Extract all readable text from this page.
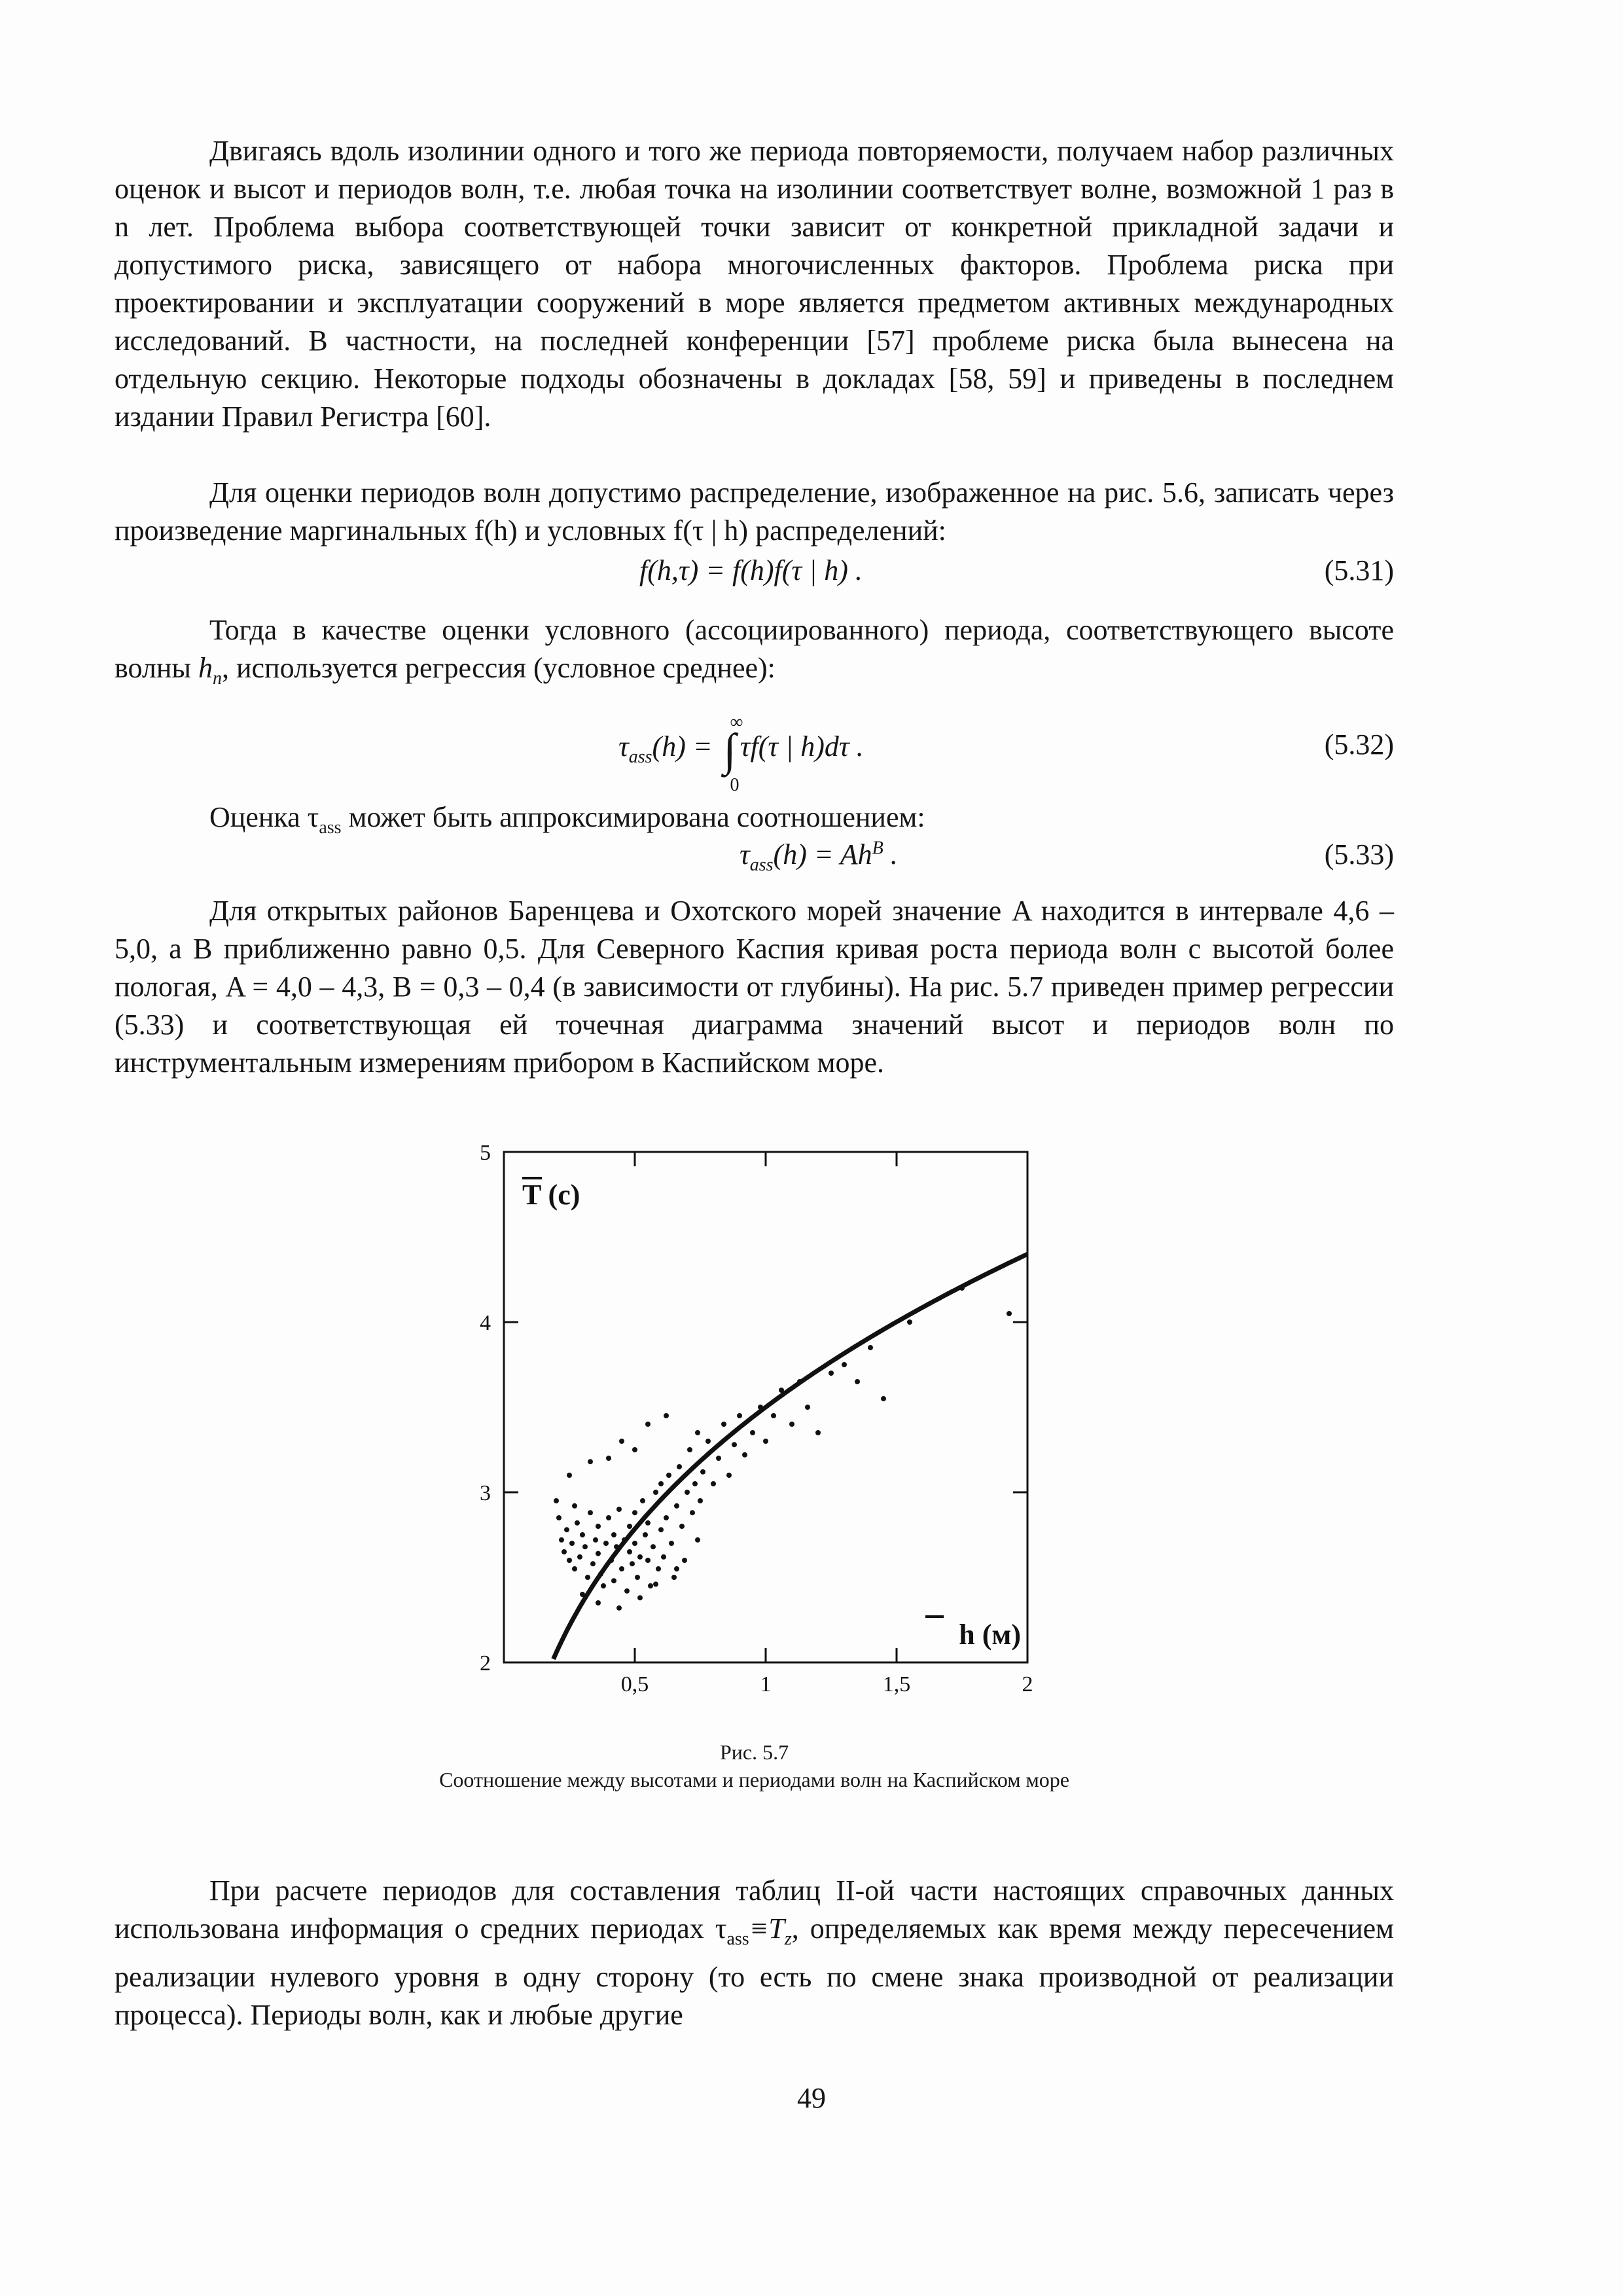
Двигаясь вдоль изолинии одного и того же периода повторяемости, получаем набор различных оценок и высот и периодов волн, т.е. любая точка на изолинии соответствует волне, возможной 1 раз в n лет. Проблема выбора соответствующей точки зависит от конкретной прикладной задачи и допустимого риска, зависящего от набора многочисленных факторов. Проблема риска при проектировании и эксплуатации сооружений в море является предметом активных международных исследований. В частности, на последней конференции [57] проблеме риска была вынесена на отдельную секцию. Некоторые подходы обозначены в докладах [58, 59] и приведены в последнем издании Правил Регистра [60].

Для оценки периодов волн допустимо распределение, изображенное на рис. 5.6, записать через произведение маргинальных f(h) и условных f(τ | h) распределений:

f(h,τ) = f(h)f(τ | h) .	(5.31)

Тогда в качестве оценки условного (ассоциированного) периода, соответствующего высоте волны $h_n$, используется регрессия (условное среднее):

$\tau_{ass}(h)$ = ∫
∞
0
τf(τ | h)dτ .	(5.32)

Оценка $\tau_{ass}$ может быть аппроксимирована соотношением:

$\tau_{ass}(h) = Ah^B$ .	(5.33)

Для открытых районов Баренцева и Охотского морей значение A находится в интервале 4,6 – 5,0, а B приближенно равно 0,5. Для Северного Каспия кривая роста периода волн с высотой более пологая, A = 4,0 – 4,3, B = 0,3 – 0,4 (в зависимости от глубины). На рис. 5.7 приведен пример регрессии (5.33) и соответствующая ей точечная диаграмма значений высот и периодов волн по инструментальным измерениям прибором в Каспийском море.

0,5	1	1,5	2
2
3
4
5
T (c)
h (м)
Рис. 5.7
Соотношение между высотами и периодами волн на Каспийском море

При расчете периодов для составления таблиц II-ой части настоящих справочных данных использована информация о средних периодах $\tau_{ass}\equiv T_z$, определяемых как время между пересечением реализации нулевого уровня в одну сторону (то есть по смене знака производной от реализации процесса). Периоды волн, как и любые другие

49
